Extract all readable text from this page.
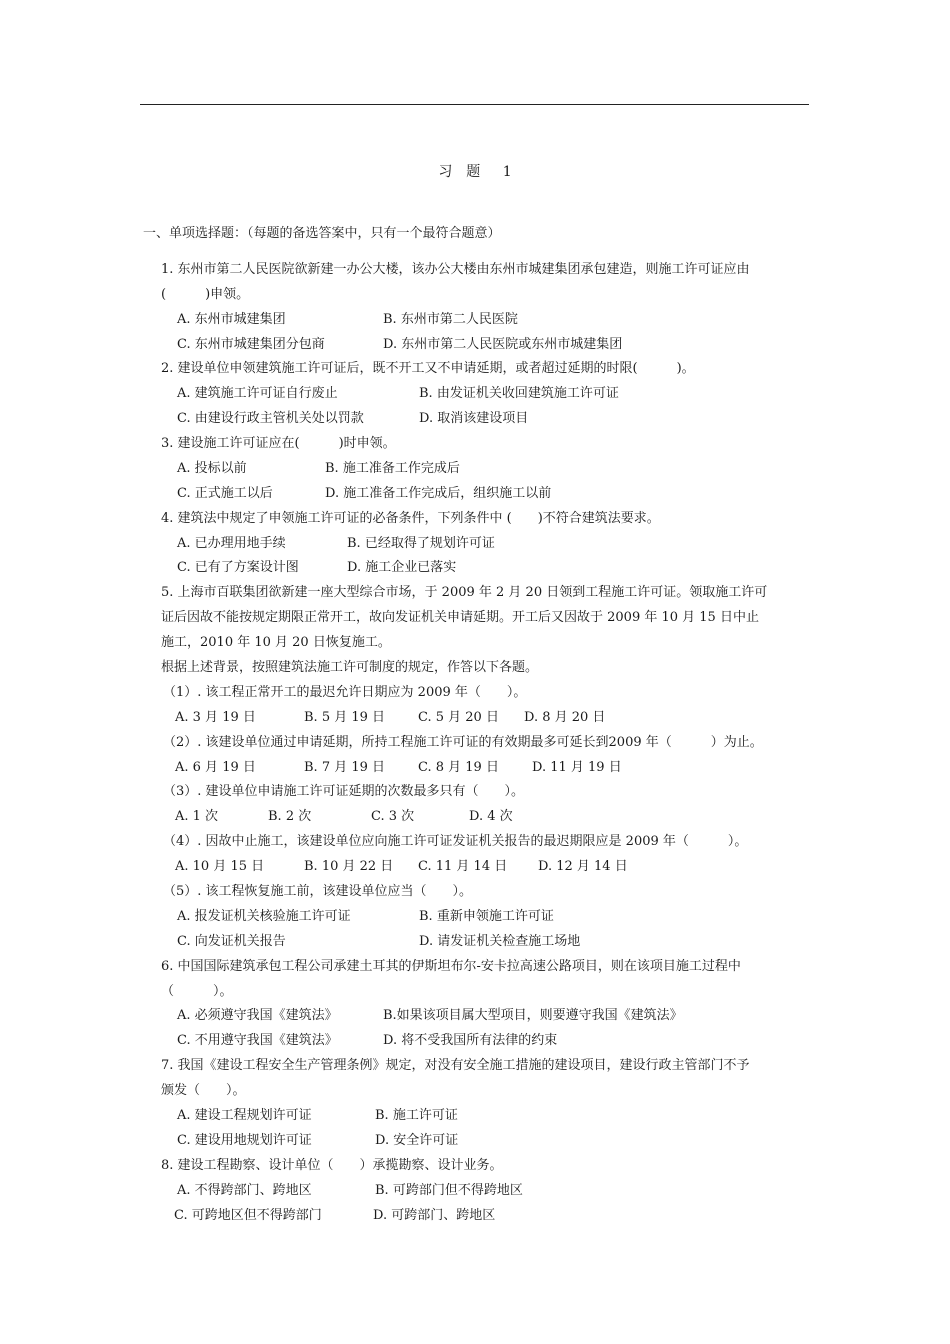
习　题 1
一、单项选择题：（每题的备选答案中，只有一个最符合题意）
1. 东州市第二人民医院欲新建一办公大楼，该办公大楼由东州市城建集团承包建造，则施工许可证应由
(　　　)申领。
A. 东州市城建集团	B. 东州市第二人民医院
C. 东州市城建集团分包商	D. 东州市第二人民医院或东州市城建集团
2. 建设单位申领建筑施工许可证后，既不开工又不申请延期，或者超过延期的时限(　　　)。
A. 建筑施工许可证自行废止	B. 由发证机关收回建筑施工许可证
C. 由建设行政主管机关处以罚款	D. 取消该建设项目
3. 建设施工许可证应在(　　　)时申领。
A. 投标以前	B. 施工准备工作完成后
C. 正式施工以后	D. 施工准备工作完成后，组织施工以前
4. 建筑法中规定了申领施工许可证的必备条件，下列条件中 (　　)不符合建筑法要求。
A. 已办理用地手续	B. 已经取得了规划许可证
C. 已有了方案设计图	D. 施工企业已落实
5. 上海市百联集团欲新建一座大型综合市场，于 2009 年 2 月 20 日领到工程施工许可证。领取施工许可
证后因故不能按规定期限正常开工，故向发证机关申请延期。开工后又因故于 2009 年 10 月 15 日中止
施工，2010 年 10 月 20 日恢复施工。
根据上述背景，按照建筑法施工许可制度的规定，作答以下各题。
（1）. 该工程正常开工的最迟允许日期应为 2009 年（　　）。
A. 3 月 19 日	B. 5 月 19 日	C. 5 月 20 日 D. 8 月 20 日
（2）. 该建设单位通过申请延期，所持工程施工许可证的有效期最多可延长到2009 年（　　　）为止。
A. 6 月 19 日	B. 7 月 19 日	C. 8 月 19 日	D. 11 月 19 日
（3）. 建设单位申请施工许可证延期的次数最多只有（　　）。
A. 1 次	B. 2 次	C. 3 次	D. 4 次
（4）. 因故中止施工，该建设单位应向施工许可证发证机关报告的最迟期限应是 2009 年（　　　）。
A. 10 月 15 日	B. 10 月 22 日 C. 11 月 14 日 D. 12 月 14 日
（5）. 该工程恢复施工前，该建设单位应当（　　）。
A. 报发证机关核验施工许可证	B. 重新申领施工许可证
C. 向发证机关报告	D. 请发证机关检查施工场地
6. 中国国际建筑承包工程公司承建土耳其的伊斯坦布尔-安卡拉高速公路项目，则在该项目施工过程中
（　　　）。
A. 必须遵守我国《建筑法》	B.如果该项目属大型项目，则要遵守我国《建筑法》
C. 不用遵守我国《建筑法》	D. 将不受我国所有法律的约束
7. 我国《建设工程安全生产管理条例》规定，对没有安全施工措施的建设项目，建设行政主管部门不予
颁发（　　）。
A. 建设工程规划许可证	B. 施工许可证
C. 建设用地规划许可证	D. 安全许可证
8. 建设工程勘察、设计单位（　　）承揽勘察、设计业务。
A. 不得跨部门、跨地区	B. 可跨部门但不得跨地区
C. 可跨地区但不得跨部门	D. 可跨部门、跨地区
